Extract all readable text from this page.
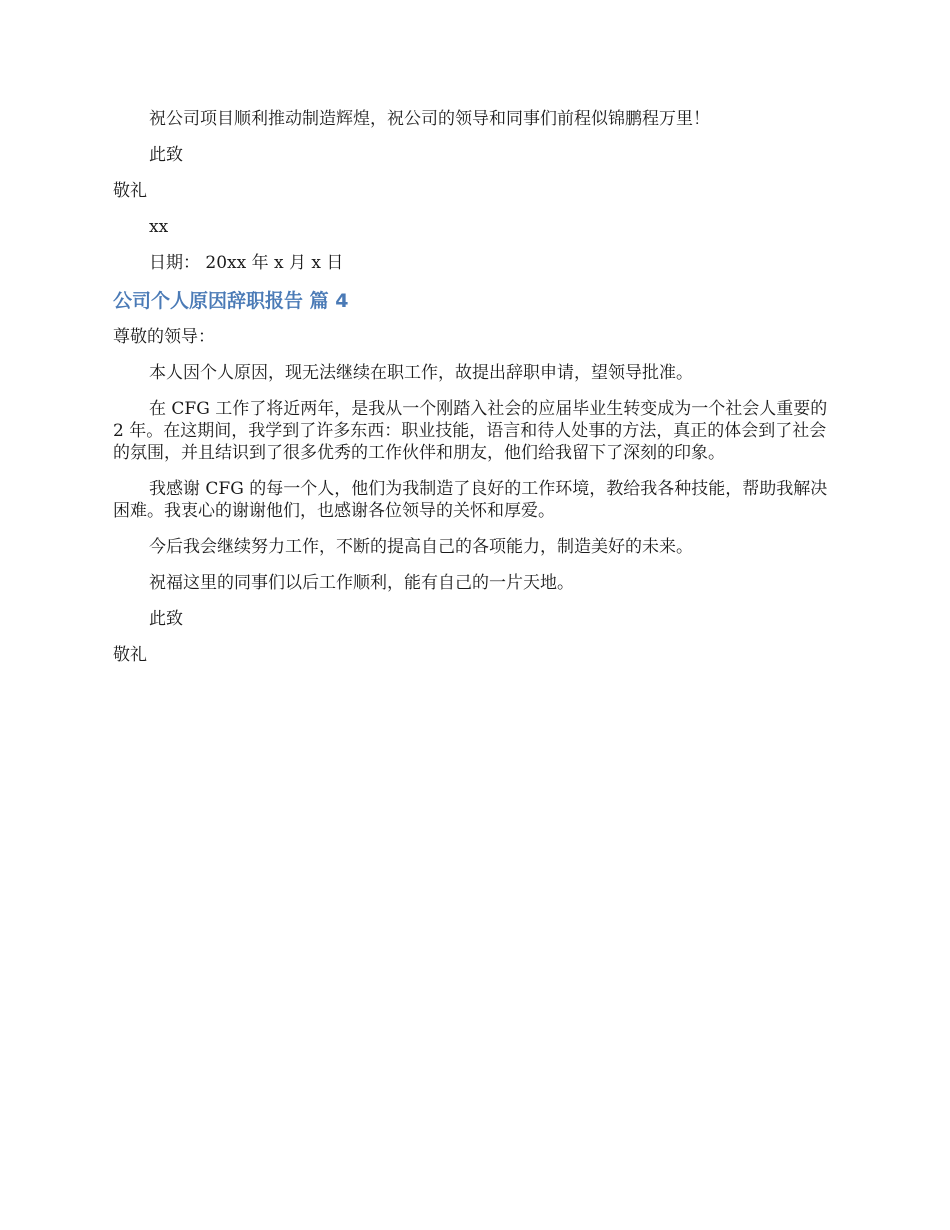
祝公司项目顺利推动制造辉煌，祝公司的领导和同事们前程似锦鹏程万里！

此致

敬礼

xx

日期： 20xx 年 x 月 x 日

公司个人原因辞职报告 篇 4

尊敬的领导：

本人因个人原因，现无法继续在职工作，故提出辞职申请，望领导批准。

在 CFG 工作了将近两年，是我从一个刚踏入社会的应届毕业生转变成为一个社会人重要的 2 年。在这期间，我学到了许多东西：职业技能，语言和待人处事的方法，真正的体会到了社会的氛围，并且结识到了很多优秀的工作伙伴和朋友，他们给我留下了深刻的印象。

我感谢 CFG 的每一个人，他们为我制造了良好的工作环境，教给我各种技能，帮助我解决困难。我衷心的谢谢他们，也感谢各位领导的关怀和厚爱。

今后我会继续努力工作，不断的提高自己的各项能力，制造美好的未来。

祝福这里的同事们以后工作顺利，能有自己的一片天地。

此致

敬礼
